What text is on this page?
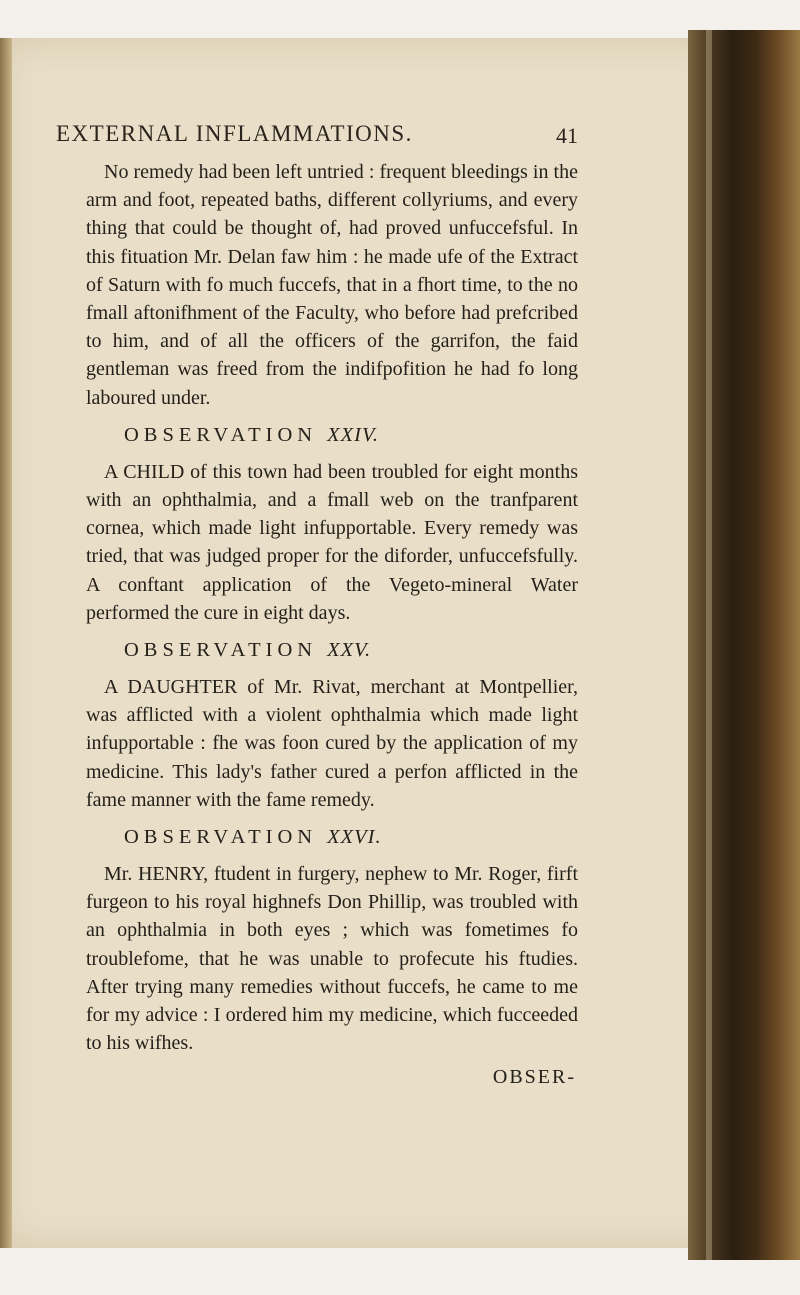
EXTERNAL INFLAMMATIONS.	41

No remedy had been left untried : frequent bleedings in the arm and foot, repeated baths, different collyriums, and every thing that could be thought of, had proved unfuccefsful. In this fituation Mr. Delan faw him : he made ufe of the Extract of Saturn with fo much fuccefs, that in a fhort time, to the no fmall aftonifhment of the Faculty, who before had prefcribed to him, and of all the officers of the garrifon, the faid gentleman was freed from the indifpofition he had fo long laboured under.

OBSERVATION XXIV.

A CHILD of this town had been troubled for eight months with an ophthalmia, and a fmall web on the tranfparent cornea, which made light infupportable. Every remedy was tried, that was judged proper for the diforder, unfuccefsfully. A conftant application of the Vegeto-mineral Water performed the cure in eight days.

OBSERVATION XXV.

A DAUGHTER of Mr. Rivat, merchant at Montpellier, was afflicted with a violent ophthalmia which made light infupportable : fhe was foon cured by the application of my medicine. This lady's father cured a perfon afflicted in the fame manner with the fame remedy.

OBSERVATION XXVI.

Mr. HENRY, ftudent in furgery, nephew to Mr. Roger, firft furgeon to his royal highnefs Don Phillip, was troubled with an ophthalmia in both eyes ; which was fometimes fo troublefome, that he was unable to profecute his ftudies. After trying many remedies without fuccefs, he came to me for my advice : I ordered him my medicine, which fucceeded to his wifhes.

OBSER-
